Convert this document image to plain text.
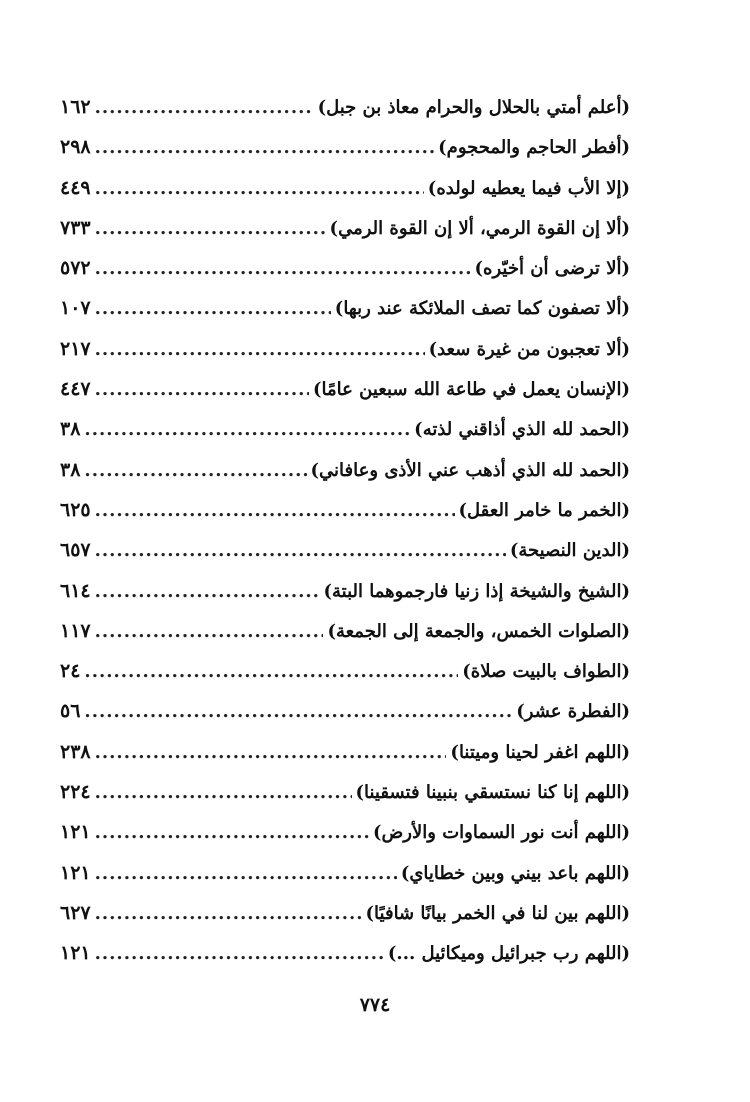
(أعلم أمتي بالحلال والحرام معاذ بن جبل)
.....
١٦٢
(أفطر الحاجم والمحجوم)
.....
٢٩٨
(إلا الأب فيما يعطيه لولده)
.....
٤٤٩
(ألا إن القوة الرمي، ألا إن القوة الرمي)
.....
٧٣٣
(ألا ترضى أن أخيّره)
.....
٥٧٢
(ألا تصفون كما تصف الملائكة عند ربها)
.....
١٠٧
(ألا تعجبون من غيرة سعد)
.....
٢١٧
(الإنسان يعمل في طاعة الله سبعين عامًا)
.....
٤٤٧
(الحمد لله الذي أذاقني لذته)
.....
٣٨
(الحمد لله الذي أذهب عني الأذى وعافاني)
.....
٣٨
(الخمر ما خامر العقل)
.....
٦٢٥
(الدين النصيحة)
.....
٦٥٧
(الشيخ والشيخة إذا زنيا فارجموهما البتة)
.....
٦١٤
(الصلوات الخمس، والجمعة إلى الجمعة)
.....
١١٧
(الطواف بالبيت صلاة)
.....
٢٤
(الفطرة عشر)
.....
٥٦
(اللهم اغفر لحينا وميتنا)
.....
٢٣٨
(اللهم إنا كنا نستسقي بنبينا فتسقينا)
.....
٢٢٤
(اللهم أنت نور السماوات والأرض)
.....
١٢١
(اللهم باعد بيني وبين خطاياي)
.....
١٢١
(اللهم بين لنا في الخمر بيانًا شافيًا)
.....
٦٢٧
(اللهم رب جبرائيل وميكائيل ...)
.....
١٢١
٧٧٤
